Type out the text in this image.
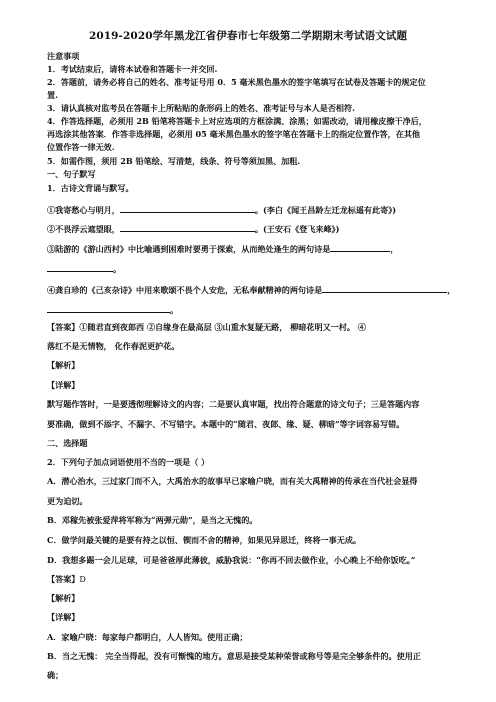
2019-2020学年黑龙江省伊春市七年级第二学期期末考试语文试题
注意事项
1．考试结束后，请将本试卷和答题卡一并交回.
2．答题前，请务必将自己的姓名、准考证号用 0．5 毫米黑色墨水的签字笔填写在试卷及答题卡的规定位
置.
3．请认真核对监考员在答题卡上所粘贴的条形码上的姓名、准考证号与本人是否相符.
4．作答选择题，必须用 2B 铅笔将答题卡上对应选项的方框涂满、涂黑；如需改动，请用橡皮擦干净后，
再选涂其他答案．作答非选择题，必须用 05 毫米黑色墨水的签字笔在答题卡上的指定位置作答，在其他
位置作答一律无效.
5．如需作图，须用 2B 铅笔绘、写清楚，线条、符号等须加黑、加粗.
一、句子默写
1．古诗文背诵与默写。
①我寄愁心与明月，	。(李白《闻王昌龄左迁龙标遥有此寄》)
②不畏浮云遮望眼，	。(王安石《登飞来峰》)
③陆游的《游山西村》中比喻遇到困难时要勇于探索，从而绝处逢生的两句诗是	，
。
④龚自珍的《己亥杂诗》中用来歌颂不畏个人安危，无私奉献精神的两句诗是	，
。
【答案】①随君直到夜郎西 ②自缘身在最高层 ③山重水复疑无路， 柳暗花明又一村。 ④
落红不是无情物， 化作春泥更护花。
【解析】
【详解】
默写题作答时，一是要透彻理解诗文的内容；二是要认真审题，找出符合题意的诗文句子；三是答题内容
要准确，做到不添字、不漏字、不写错字。本题中的“随君、夜郎、缘、疑、柳暗”等字词容易写错。
二、选择题
2．下列句子加点词语使用不当的一项是（ ）
A．潜心治水，三过家门而不入，大禹治水的故事早已家喻户晓，而有关大禹精神的传承在当代社会显得
更为迫切。
B．邓稼先被张爱萍将军称为“两弹元勋”，是当之无愧的。
C．做学问最关键的是要有持之以恒、锲而不舍的精神，如果见异思迁，终将一事无成。
D．我想多踢一会儿足球，可是爸爸厚此薄彼，威胁我说：“你再不回去做作业，小心晚上不给你饭吃。”
【答案】D
【解析】
【详解】
A．家喻户晓：每家每户都明白，人人皆知。使用正确；
B．当之无愧： 完全当得起，没有可惭愧的地方。意思是接受某种荣誉或称号等是完全够条件的。使用正
确；
